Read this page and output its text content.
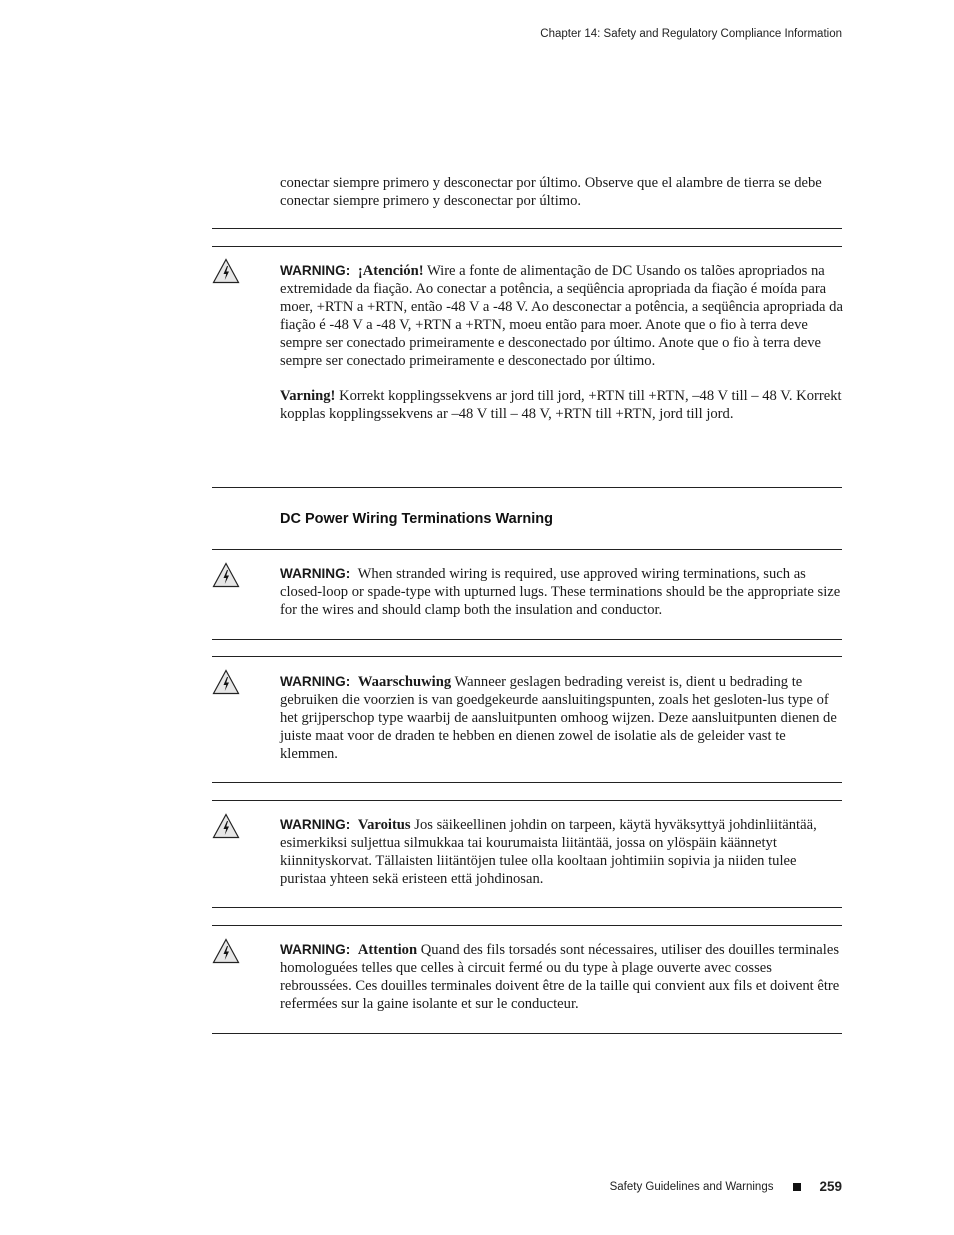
Chapter 14: Safety and Regulatory Compliance Information

conectar siempre primero y desconectar por último. Observe que el alambre de tierra se debe conectar siempre primero y desconectar por último.

WARNING: ¡Atención! Wire a fonte de alimentação de DC Usando os talões apropriados na extremidade da fiação. Ao conectar a potência, a seqüência apropriada da fiação é moída para moer, +RTN a +RTN, então -48 V a -48 V. Ao desconectar a potência, a seqüência apropriada da fiação é -48 V a -48 V, +RTN a +RTN, moeu então para moer. Anote que o fio à terra deve sempre ser conectado primeiramente e desconectado por último. Anote que o fio à terra deve sempre ser conectado primeiramente e desconectado por último.

Varning! Korrekt kopplingssekvens ar jord till jord, +RTN till +RTN, –48 V till – 48 V. Korrekt kopplas kopplingssekvens ar –48 V till – 48 V, +RTN till +RTN, jord till jord.

DC Power Wiring Terminations Warning

WARNING: When stranded wiring is required, use approved wiring terminations, such as closed-loop or spade-type with upturned lugs. These terminations should be the appropriate size for the wires and should clamp both the insulation and conductor.

WARNING: Waarschuwing Wanneer geslagen bedrading vereist is, dient u bedrading te gebruiken die voorzien is van goedgekeurde aansluitingspunten, zoals het gesloten-lus type of het grijperschop type waarbij de aansluitpunten omhoog wijzen. Deze aansluitpunten dienen de juiste maat voor de draden te hebben en dienen zowel de isolatie als de geleider vast te klemmen.

WARNING: Varoitus Jos säikeellinen johdin on tarpeen, käytä hyväksyttyä johdinliitäntää, esimerkiksi suljettua silmukkaa tai kourumaista liitäntää, jossa on ylöspäin käännetyt kiinnityskorvat. Tällaisten liitäntöjen tulee olla kooltaan johtimiin sopivia ja niiden tulee puristaa yhteen sekä eristeen että johdinosan.

WARNING: Attention Quand des fils torsadés sont nécessaires, utiliser des douilles terminales homologuées telles que celles à circuit fermé ou du type à plage ouverte avec cosses rebroussées. Ces douilles terminales doivent être de la taille qui convient aux fils et doivent être refermées sur la gaine isolante et sur le conducteur.

Safety Guidelines and Warnings	259
